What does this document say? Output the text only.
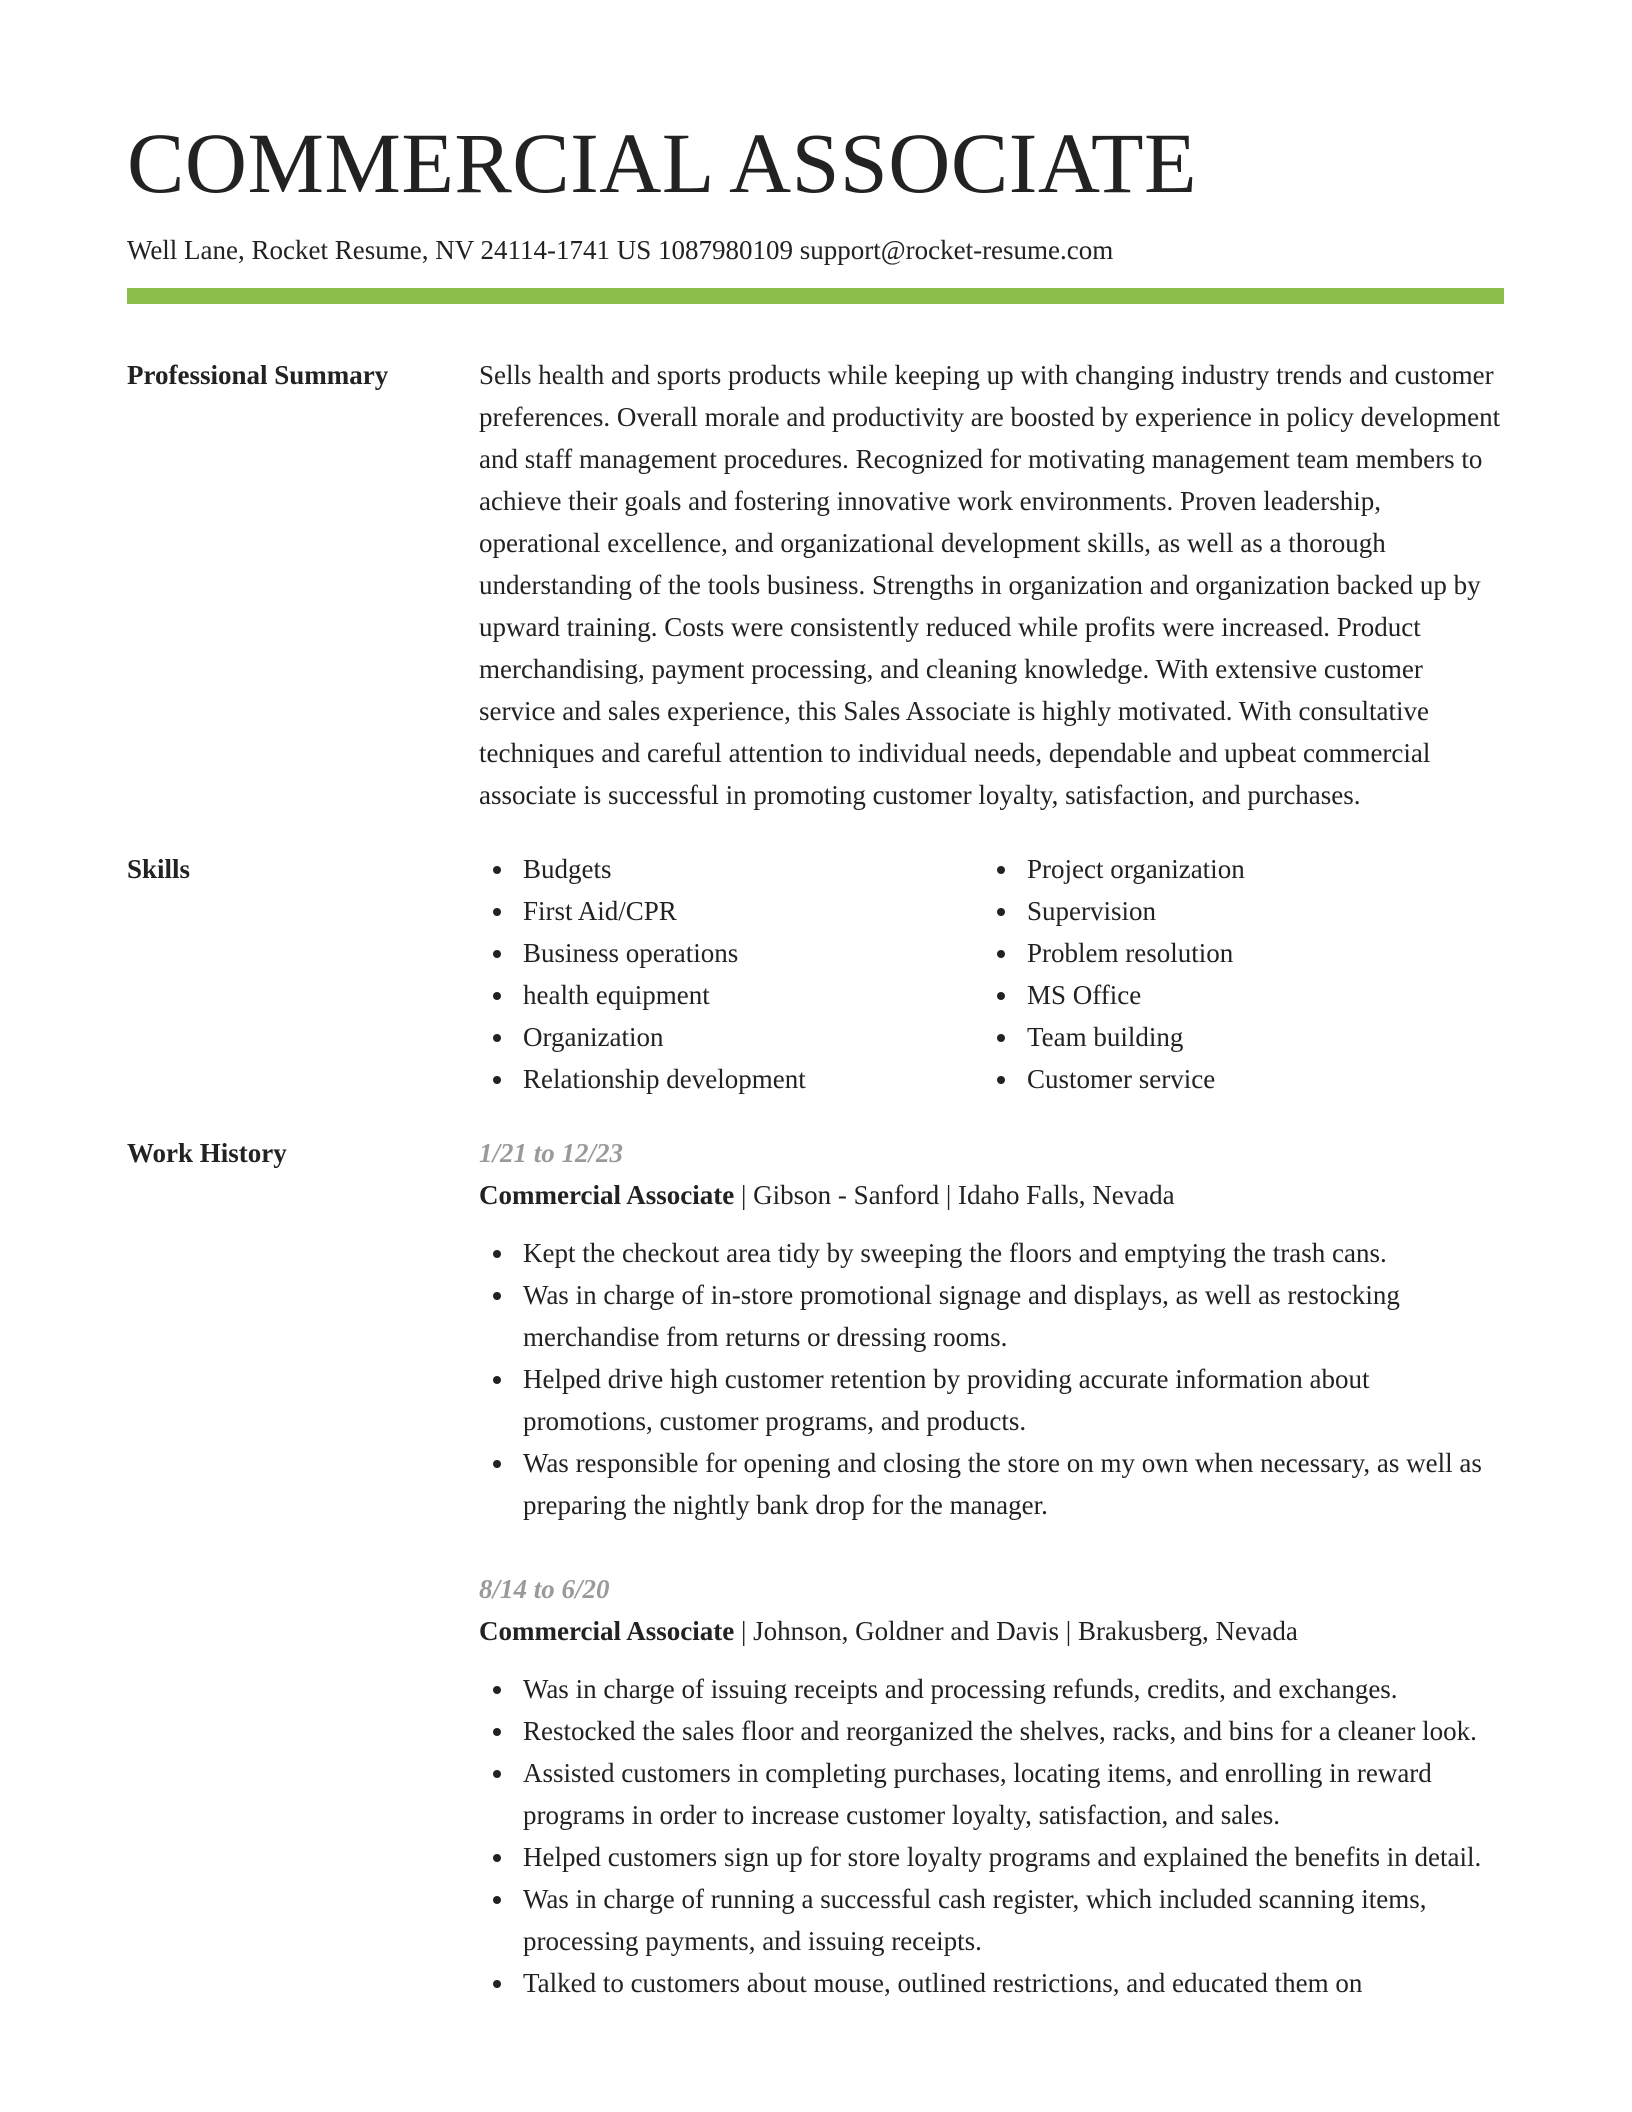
COMMERCIAL ASSOCIATE
Well Lane, Rocket Resume, NV 24114-1741 US 1087980109 support@rocket-resume.com
Professional Summary	Sells health and sports products while keeping up with changing industry trends and customer preferences. Overall morale and productivity are boosted by experience in policy development and staff management procedures. Recognized for motivating management team members to achieve their goals and fostering innovative work environments. Proven leadership, operational excellence, and organizational development skills, as well as a thorough understanding of the tools business. Strengths in organization and organization backed up by upward training. Costs were consistently reduced while profits were increased. Product merchandising, payment processing, and cleaning knowledge. With extensive customer service and sales experience, this Sales Associate is highly motivated. With consultative techniques and careful attention to individual needs, dependable and upbeat commercial associate is successful in promoting customer loyalty, satisfaction, and purchases.
Skills	Budgets
First Aid/CPR
Business operations
health equipment
Organization
Relationship development
Project organization
Supervision
Problem resolution
MS Office
Team building
Customer service
Work History	1/21 to 12/23
Commercial Associate | Gibson - Sanford | Idaho Falls, Nevada
Kept the checkout area tidy by sweeping the floors and emptying the trash cans.
Was in charge of in-store promotional signage and displays, as well as restocking merchandise from returns or dressing rooms.
Helped drive high customer retention by providing accurate information about promotions, customer programs, and products.
Was responsible for opening and closing the store on my own when necessary, as well as preparing the nightly bank drop for the manager.
8/14 to 6/20
Commercial Associate | Johnson, Goldner and Davis | Brakusberg, Nevada
Was in charge of issuing receipts and processing refunds, credits, and exchanges.
Restocked the sales floor and reorganized the shelves, racks, and bins for a cleaner look.
Assisted customers in completing purchases, locating items, and enrolling in reward programs in order to increase customer loyalty, satisfaction, and sales.
Helped customers sign up for store loyalty programs and explained the benefits in detail.
Was in charge of running a successful cash register, which included scanning items, processing payments, and issuing receipts.
Talked to customers about mouse, outlined restrictions, and educated them on
